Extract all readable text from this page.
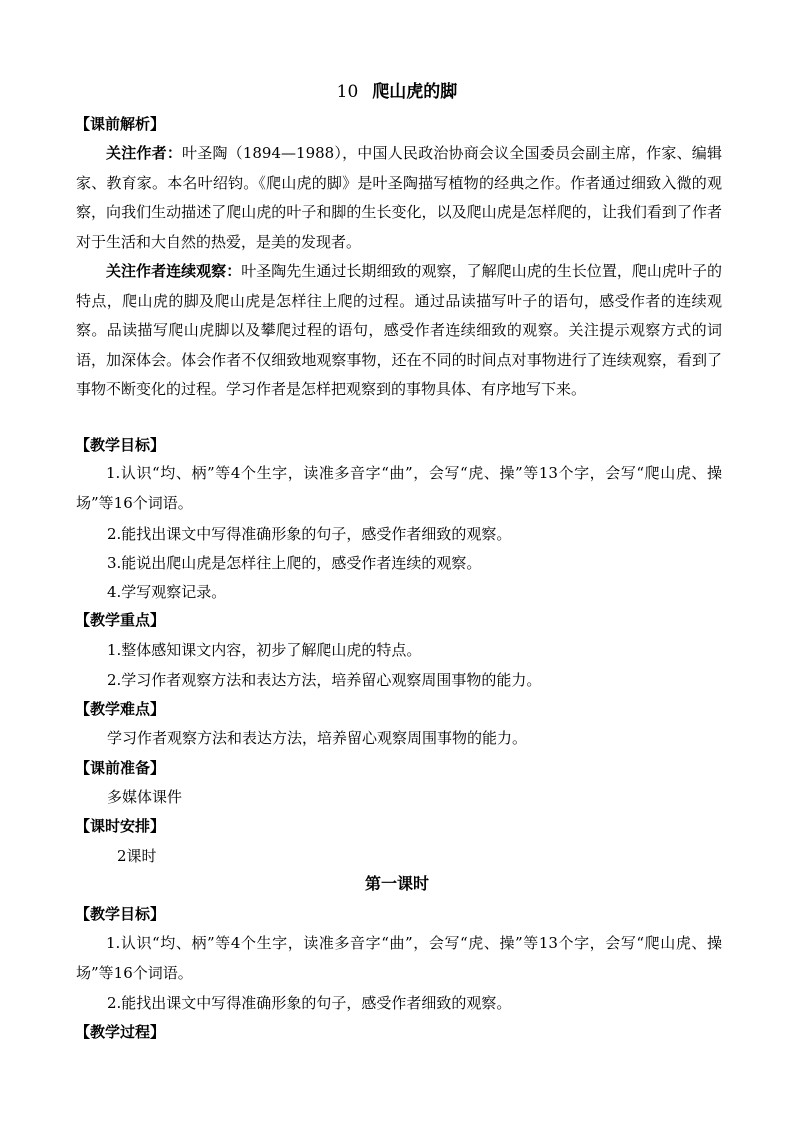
10 爬山虎的脚
【课前解析】

关注作者：叶圣陶（1894—1988），中国人民政治协商会议全国委员会副主席，作家、编辑家、教育家。本名叶绍钧。《爬山虎的脚》是叶圣陶描写植物的经典之作。作者通过细致入微的观察，向我们生动描述了爬山虎的叶子和脚的生长变化，以及爬山虎是怎样爬的，让我们看到了作者对于生活和大自然的热爱，是美的发现者。

关注作者连续观察：叶圣陶先生通过长期细致的观察，了解爬山虎的生长位置，爬山虎叶子的特点，爬山虎的脚及爬山虎是怎样往上爬的过程。通过品读描写叶子的语句，感受作者的连续观察。品读描写爬山虎脚以及攀爬过程的语句，感受作者连续细致的观察。关注提示观察方式的词语，加深体会。体会作者不仅细致地观察事物，还在不同的时间点对事物进行了连续观察，看到了事物不断变化的过程。学习作者是怎样把观察到的事物具体、有序地写下来。

【教学目标】

1.认识“均、柄”等4个生字，读准多音字“曲”，会写“虎、操”等13个字，会写“爬山虎、操场”等16个词语。

2.能找出课文中写得准确形象的句子，感受作者细致的观察。
3.能说出爬山虎是怎样往上爬的，感受作者连续的观察。
4.学写观察记录。
【教学重点】
1.整体感知课文内容，初步了解爬山虎的特点。
2.学习作者观察方法和表达方法，培养留心观察周围事物的能力。
【教学难点】
学习作者观察方法和表达方法，培养留心观察周围事物的能力。
【课前准备】
多媒体课件
【课时安排】
2课时
第一课时
【教学目标】

1.认识“均、柄”等4个生字，读准多音字“曲”，会写“虎、操”等13个字，会写“爬山虎、操场”等16个词语。

2.能找出课文中写得准确形象的句子，感受作者细致的观察。
【教学过程】
